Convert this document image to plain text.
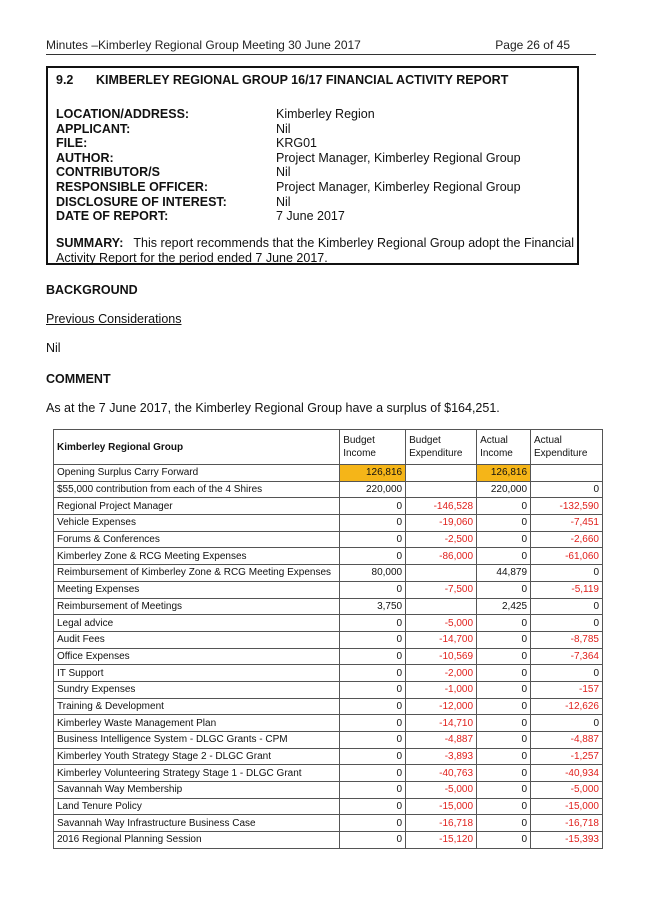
Minutes –Kimberley Regional Group Meeting 30 June 2017	Page 26 of 45
9.2 KIMBERLEY REGIONAL GROUP 16/17 FINANCIAL ACTIVITY REPORT
LOCATION/ADDRESS:	Kimberley Region
APPLICANT:	Nil
FILE:	KRG01
AUTHOR:	Project Manager, Kimberley Regional Group
CONTRIBUTOR/S	Nil
RESPONSIBLE OFFICER:	Project Manager, Kimberley Regional Group
DISCLOSURE OF INTEREST:	Nil
DATE OF REPORT:	7 June 2017
SUMMARY: This report recommends that the Kimberley Regional Group adopt the Financial Activity Report for the period ended 7 June 2017.
BACKGROUND
Previous Considerations
Nil
COMMENT
As at the 7 June 2017, the Kimberley Regional Group have a surplus of $164,251.
Kimberley Regional Group	Budget Income	Budget Expenditure	Actual Income	Actual Expenditure
Opening Surplus Carry Forward	126,816		126,816	
$55,000 contribution from each of the 4 Shires	220,000		220,000	0
Regional Project Manager	0	-146,528	0	-132,590
Vehicle Expenses	0	-19,060	0	-7,451
Forums & Conferences	0	-2,500	0	-2,660
Kimberley Zone & RCG Meeting Expenses	0	-86,000	0	-61,060
Reimbursement of Kimberley Zone & RCG Meeting Expenses	80,000		44,879	0
Meeting Expenses	0	-7,500	0	-5,119
Reimbursement of Meetings	3,750		2,425	0
Legal advice	0	-5,000	0	0
Audit Fees	0	-14,700	0	-8,785
Office Expenses	0	-10,569	0	-7,364
IT Support	0	-2,000	0	0
Sundry Expenses	0	-1,000	0	-157
Training & Development	0	-12,000	0	-12,626
Kimberley Waste Management Plan	0	-14,710	0	0
Business Intelligence System - DLGC Grants - CPM	0	-4,887	0	-4,887
Kimberley Youth Strategy Stage 2 - DLGC Grant	0	-3,893	0	-1,257
Kimberley Volunteering Strategy Stage 1 - DLGC Grant	0	-40,763	0	-40,934
Savannah Way Membership	0	-5,000	0	-5,000
Land Tenure Policy	0	-15,000	0	-15,000
Savannah Way Infrastructure Business Case	0	-16,718	0	-16,718
2016 Regional Planning Session	0	-15,120	0	-15,393
